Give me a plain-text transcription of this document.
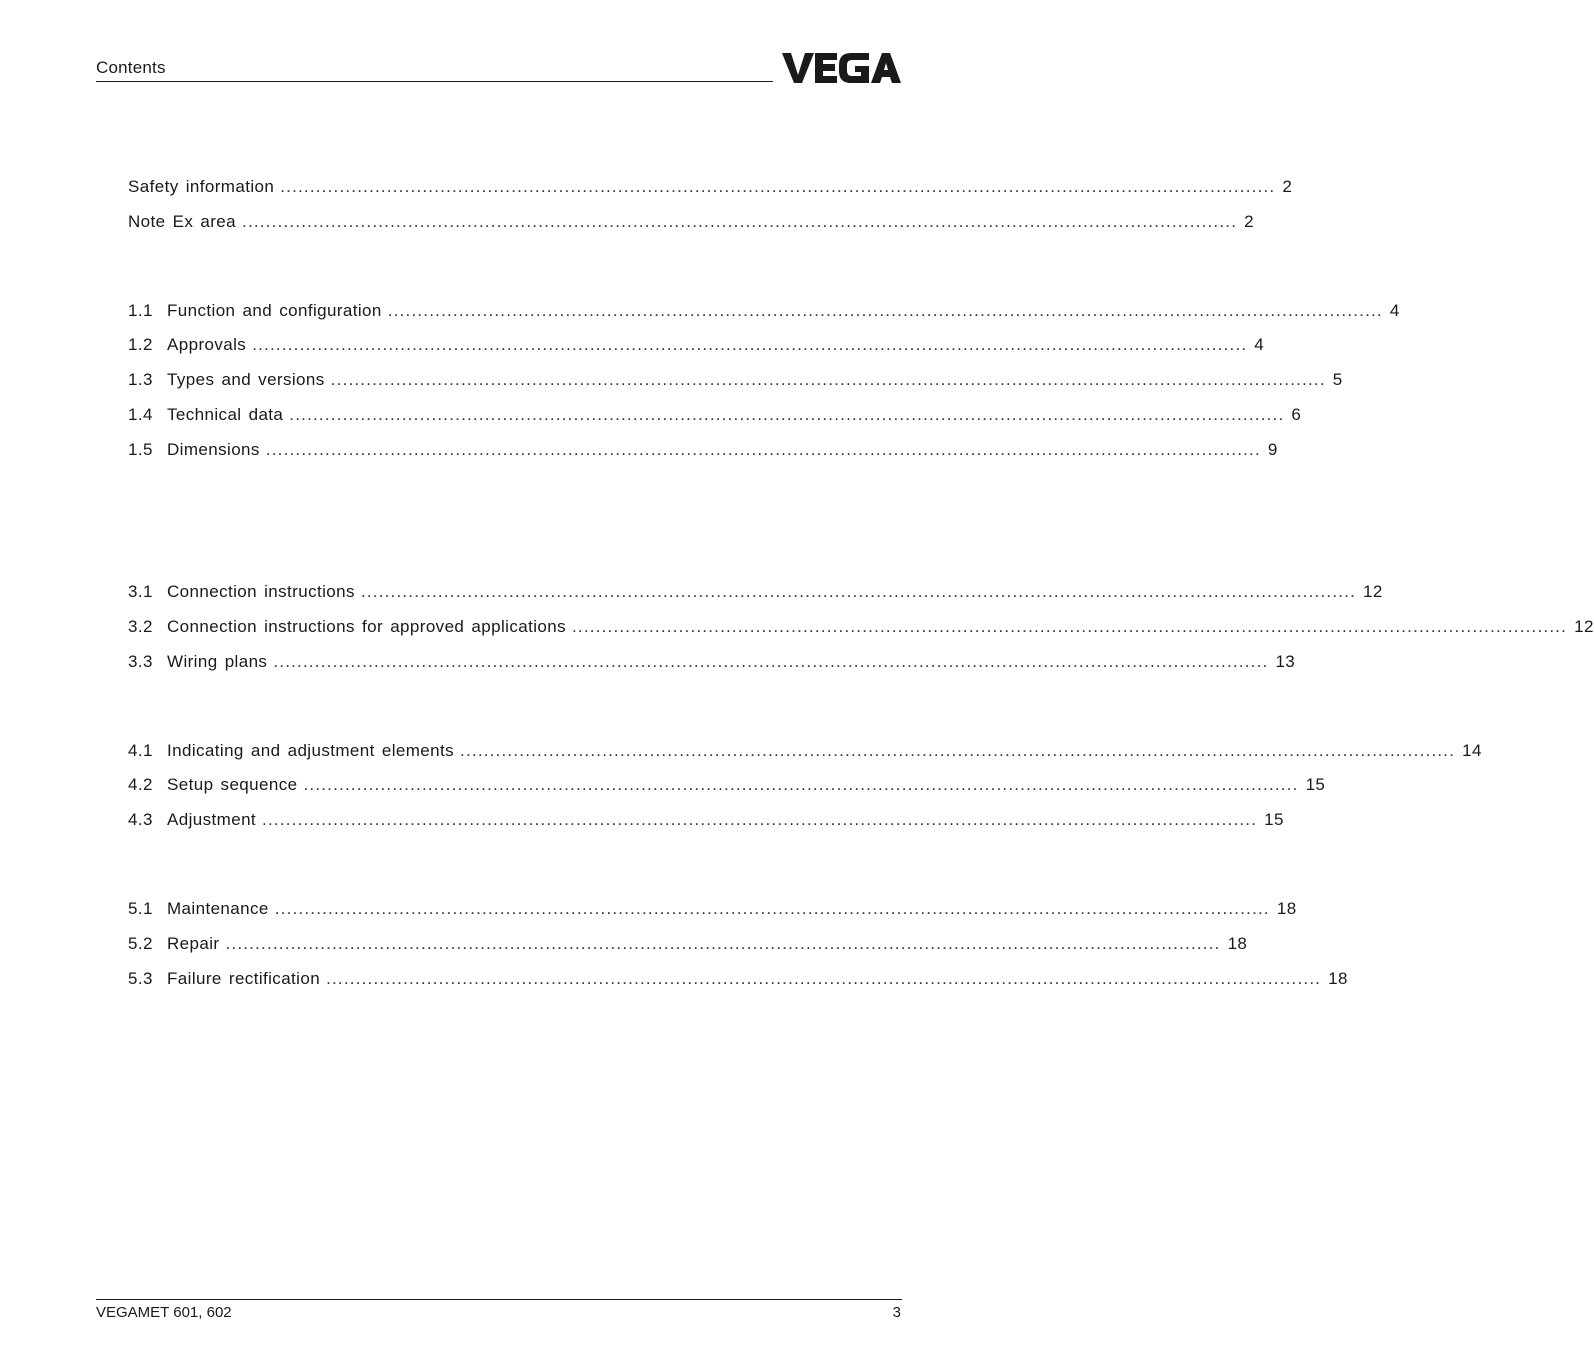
Contents
Safety information ........................................................................................................................................................................ 2
Note Ex area ........................................................................................................................................................................ 2
1.1 Function and configuration ........................................................................................................................................................................ 4
1.2 Approvals ........................................................................................................................................................................ 4
1.3 Types and versions ........................................................................................................................................................................ 5
1.4 Technical data ........................................................................................................................................................................ 6
1.5 Dimensions ........................................................................................................................................................................ 9
3.1 Connection instructions ........................................................................................................................................................................ 12
3.2 Connection instructions for approved applications ........................................................................................................................................................................ 12
3.3 Wiring plans ........................................................................................................................................................................ 13
4.1 Indicating and adjustment elements ........................................................................................................................................................................ 14
4.2 Setup sequence ........................................................................................................................................................................ 15
4.3 Adjustment ........................................................................................................................................................................ 15
5.1 Maintenance ........................................................................................................................................................................ 18
5.2 Repair ........................................................................................................................................................................ 18
5.3 Failure rectification ........................................................................................................................................................................ 18
VEGAMET 601, 602	3
